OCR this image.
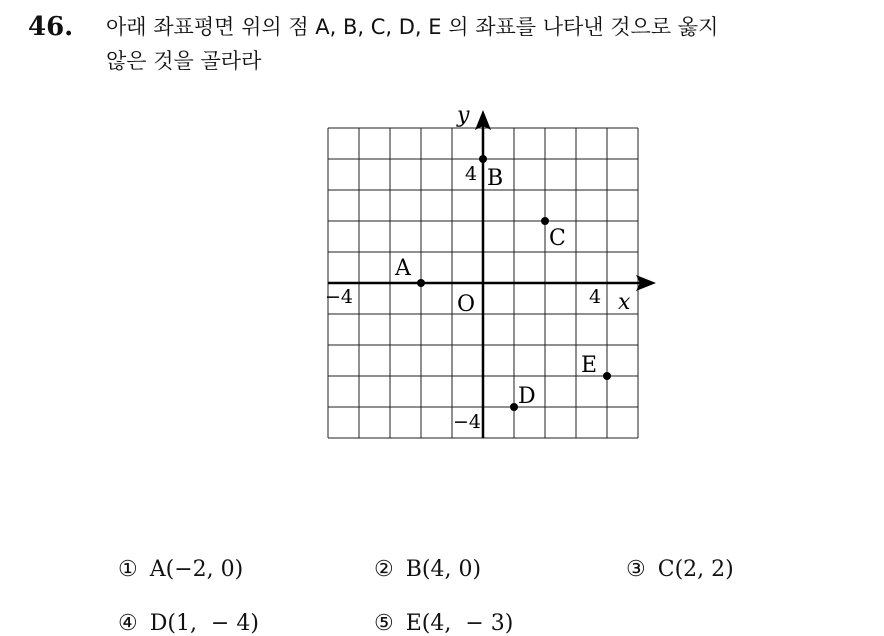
46. 아래 좌표평면 위의 점 A, B, C, D, E 의 좌표를 나타낸 것으로 옳지
않은 것을 골라라
x
y
O
−4	4
4
−4
A
B
C
D
E

① A(−2, 0)	② B(4, 0)	③ C(2, 2)

④ D(1,  − 4)	⑤ E(4,  − 3)
